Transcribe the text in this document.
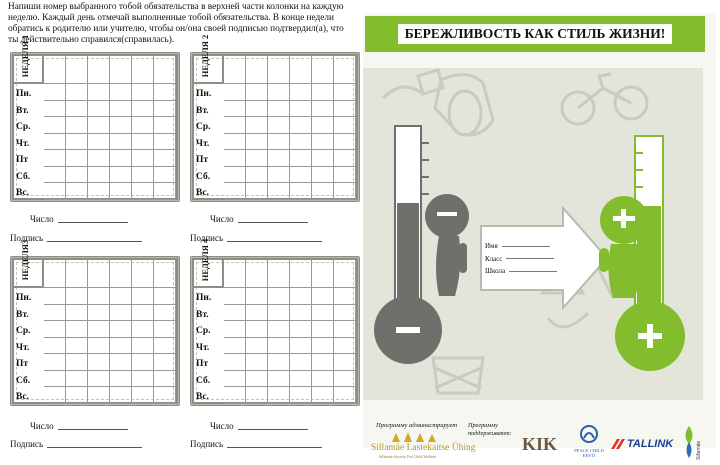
Напиши номер выбранного тобой обязательства в верхней части колонки на каждую неделю. Каждый день отмечай выполненные тобой обязательства. В конце недели обратись к родителю или учителю, чтобы он/она своей подписью подтвердил(а), что ты действительно справился(справилась).
НЕДЕЛЯ 1
Пн.
Вт.
Ср.
Чт.
Пт
Сб.
Вс.
Число
Подпись
НЕДЕЛЯ 2
Пн.
Вт.
Ср.
Чт.
Пт
Сб.
Вс.
Число
Подпись
НЕДЕЛЯ3
Пн.
Вт.
Ср.
Чт.
Пт
Сб.
Вс.
Число
Подпись
НЕДЕЛЯ 4
Пн.
Вт.
Ср.
Чт.
Пт
Сб.
Вс.
Число
Подпись
БЕРЕЖЛИВОСТЬ КАК СТИЛЬ ЖИЗНИ!
Имя
Класс
Школа
Программу администрирует Программу
поддерживают:
Sillamäe Lastekaitse Ühing
Sillamäe Society For Child Welfare
KIK	PEACE CHILD EESTI
TALLINK	Sillamäe
